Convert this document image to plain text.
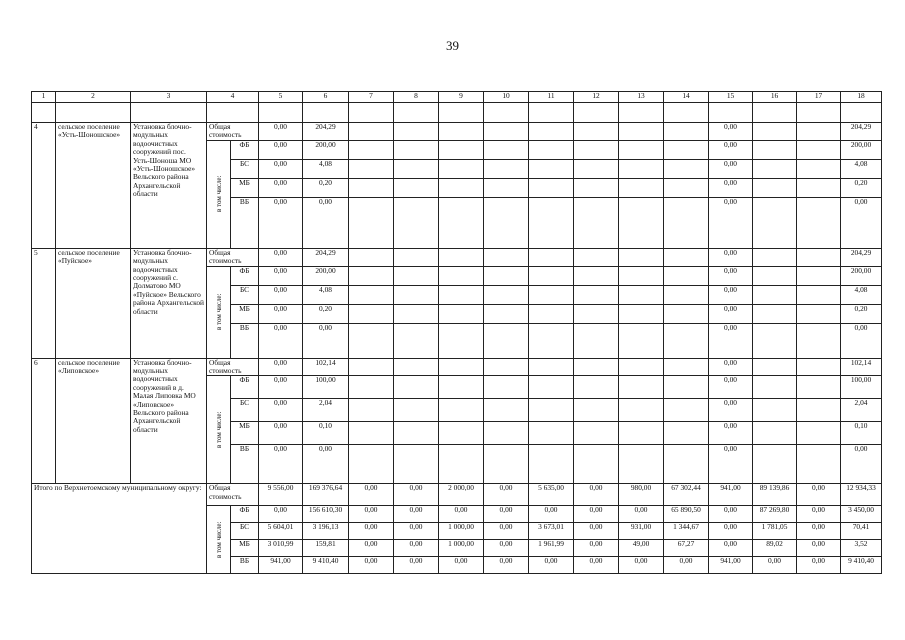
39
1	2	3	4		5	6	7	8	9	10	11	12	13	14	15	16	17	18

4	сельское поселение «Усть-Шоношское»	Установка блочно-модульных водоочистных сооружений пос. Усть-Шоноша МО «Усть-Шоношское» Вельского района Архангельской области	Общая стоимость		0,00	204,29									0,00			204,29
			в том числе:	ФБ	0,00	200,00									0,00			200,00
				БС	0,00	4,08									0,00			4,08
				МБ	0,00	0,20									0,00			0,20
				ВБ	0,00	0,00									0,00			0,00
5	сельское поселение «Пуйское»	Установка блочно-модульных водоочистных сооружений с. Долматово МО «Пуйское» Вельского района Архангельской области	Общая стоимость		0,00	204,29									0,00			204,29
			в том числе:	ФБ	0,00	200,00									0,00			200,00
				БС	0,00	4,08									0,00			4,08
				МБ	0,00	0,20									0,00			0,20
				ВБ	0,00	0,00									0,00			0,00
6	сельское поселение «Липовское»	Установка блочно-модульных водоочистных сооружений в д. Малая Липовка МО «Липовское» Вельского района Архангельской области	Общая стоимость		0,00	102,14									0,00			102,14
			в том числе:	ФБ	0,00	100,00									0,00			100,00
				БС	0,00	2,04									0,00			2,04
				МБ	0,00	0,10									0,00			0,10
				ВБ	0,00	0,00									0,00			0,00
Итого по Верхнетоемскому муниципальному округу:			Общая стоимость		9 556,00	169 376,64	0,00	0,00	2 000,00	0,00	5 635,00	0,00	980,00	67 302,44	941,00	89 139,86	0,00	12 934,33
			в том числе:	ФБ	0,00	156 610,30	0,00	0,00	0,00	0,00	0,00	0,00	0,00	65 890,50	0,00	87 269,80	0,00	3 450,00
				БС	5 604,01	3 196,13	0,00	0,00	1 000,00	0,00	3 673,01	0,00	931,00	1 344,67	0,00	1 781,05	0,00	70,41
				МБ	3 010,99	159,81	0,00	0,00	1 000,00	0,00	1 961,99	0,00	49,00	67,27	0,00	89,02	0,00	3,52
				ВБ	941,00	9 410,40	0,00	0,00	0,00	0,00	0,00	0,00	0,00	0,00	941,00	0,00	0,00	9 410,40
